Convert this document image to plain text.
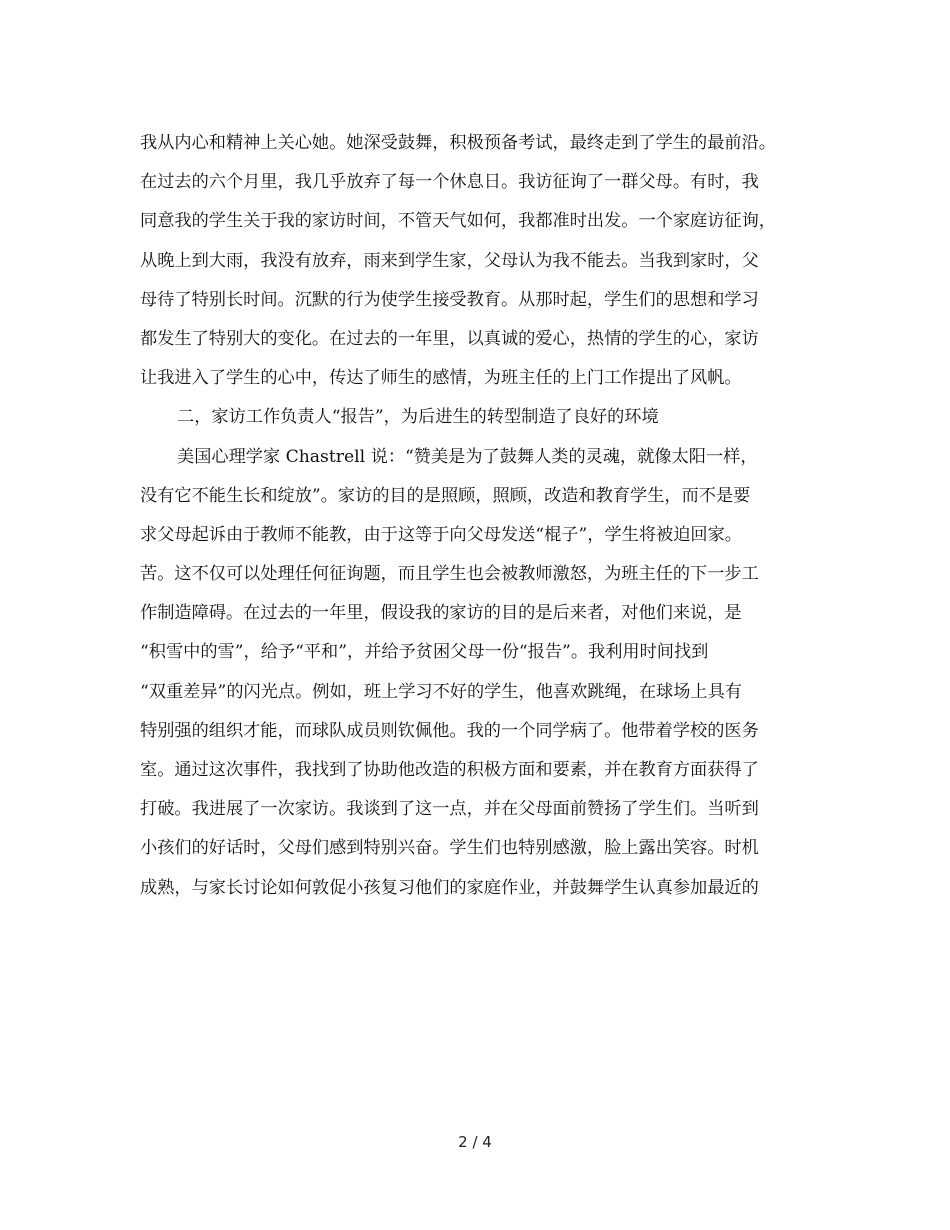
我从内心和精神上关心她。她深受鼓舞，积极预备考试，最终走到了学生的最前沿。
在过去的六个月里，我几乎放弃了每一个休息日。我访征询了一群父母。有时，我
同意我的学生关于我的家访时间，不管天气如何，我都准时出发。一个家庭访征询，
从晚上到大雨，我没有放弃，雨来到学生家，父母认为我不能去。当我到家时，父
母待了特别长时间。沉默的行为使学生接受教育。从那时起，学生们的思想和学习
都发生了特别大的变化。在过去的一年里，以真诚的爱心，热情的学生的心，家访
让我进入了学生的心中，传达了师生的感情，为班主任的上门工作提出了风帆。
二，家访工作负责人“报告”，为后进生的转型制造了良好的环境
美国心理学家 Chastrell 说：“赞美是为了鼓舞人类的灵魂，就像太阳一样，
没有它不能生长和绽放”。家访的目的是照顾，照顾，改造和教育学生，而不是要
求父母起诉由于教师不能教，由于这等于向父母发送“棍子”，学生将被迫回家。
苦。这不仅可以处理任何征询题，而且学生也会被教师激怒，为班主任的下一步工
作制造障碍。在过去的一年里，假设我的家访的目的是后来者，对他们来说，是
“积雪中的雪”，给予“平和”，并给予贫困父母一份“报告”。我利用时间找到
“双重差异”的闪光点。例如，班上学习不好的学生，他喜欢跳绳，在球场上具有
特别强的组织才能，而球队成员则钦佩他。我的一个同学病了。他带着学校的医务
室。通过这次事件，我找到了协助他改造的积极方面和要素，并在教育方面获得了
打破。我进展了一次家访。我谈到了这一点，并在父母面前赞扬了学生们。当听到
小孩们的好话时，父母们感到特别兴奋。学生们也特别感激，脸上露出笑容。时机
成熟，与家长讨论如何敦促小孩复习他们的家庭作业，并鼓舞学生认真参加最近的
2 / 4
